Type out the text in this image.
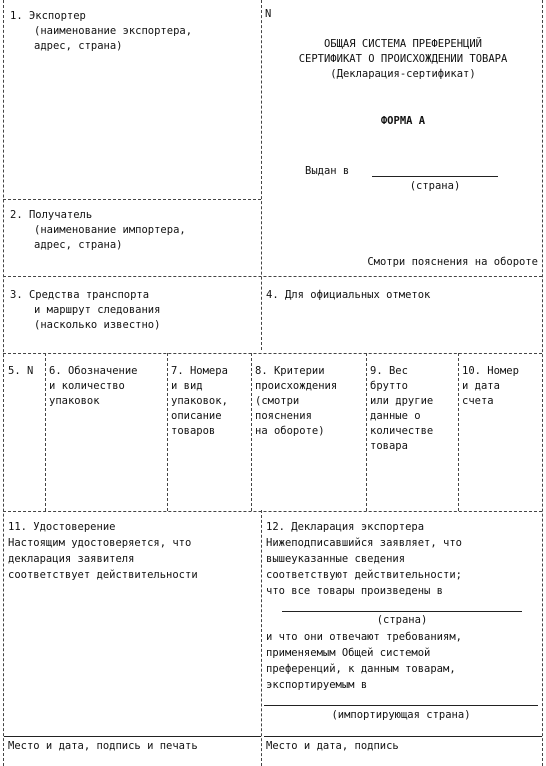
1. Экспортер
(наименование экспортера,
адрес, страна)
N
ОБЩАЯ СИСТЕМА ПРЕФЕРЕНЦИЙ
СЕРТИФИКАТ О ПРОИСХОЖДЕНИИ ТОВАРА
(Декларация-сертификат)
ФОРМА А
Выдан в
(страна)
2. Получатель
(наименование импортера,
адрес, страна)
Смотри пояснения на обороте
3. Средства транспорта
и маршрут следования
(насколько известно)
4. Для официальных отметок
5. N 6. Обозначение
и количество
упаковок
7. Номера
и вид
упаковок,
описание
товаров
8. Критерии
происхождения
(смотри
пояснения
на обороте)
9. Вес
брутто
или другие
данные о
количестве
товара
10. Номер
и дата
счета
11. Удостоверение
Настоящим удостоверяется, что
декларация заявителя
соответствует действительности
Место и дата, подпись и печать
12. Декларация экспортера
Нижеподписавшийся заявляет, что
вышеуказанные сведения
соответствуют действительности;
что все товары произведены в
(страна)
и что они отвечают требованиям,
применяемым Общей системой
преференций, к данным товарам,
экспортируемым в
(импортирующая страна)
Место и дата, подпись
